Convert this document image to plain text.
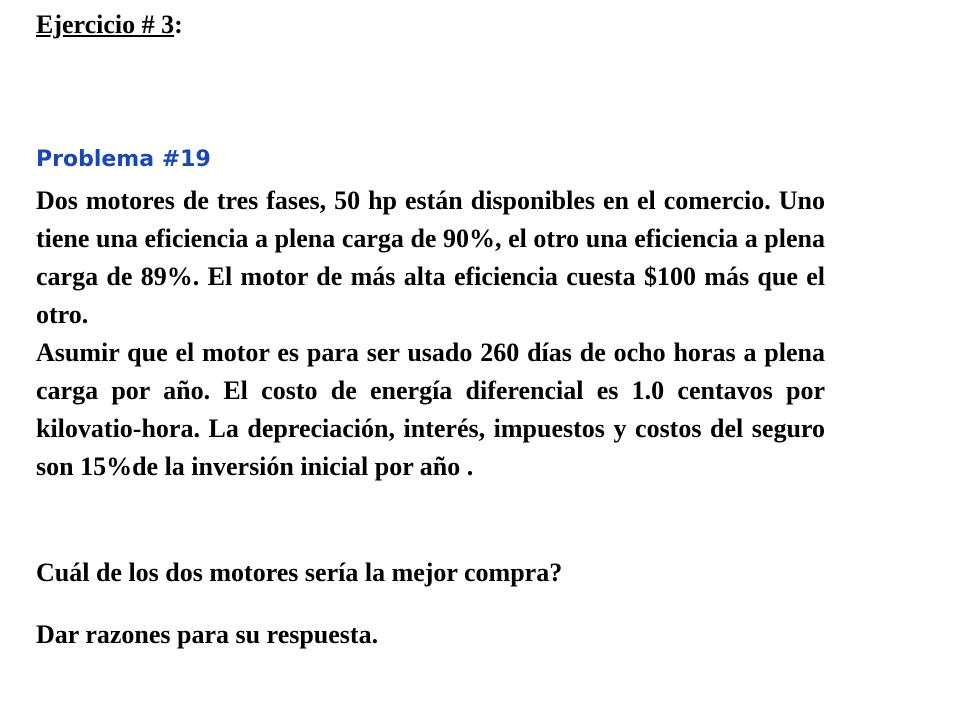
Ejercicio # 3:
Problema #19

Dos motores de tres fases, 50 hp están disponibles en el comercio. Uno tiene una eficiencia a plena carga de 90%, el otro una eficiencia a plena carga de 89%. El motor de más alta eficiencia cuesta $100 más que el otro.

Asumir que el motor es para ser usado 260 días de ocho horas a plena carga por año. El costo de energía diferencial es 1.0 centavos por kilovatio-hora. La depreciación, interés, impuestos y costos del seguro son 15%de la inversión inicial por año .

Cuál de los dos motores sería la mejor compra?

Dar razones para su respuesta.
